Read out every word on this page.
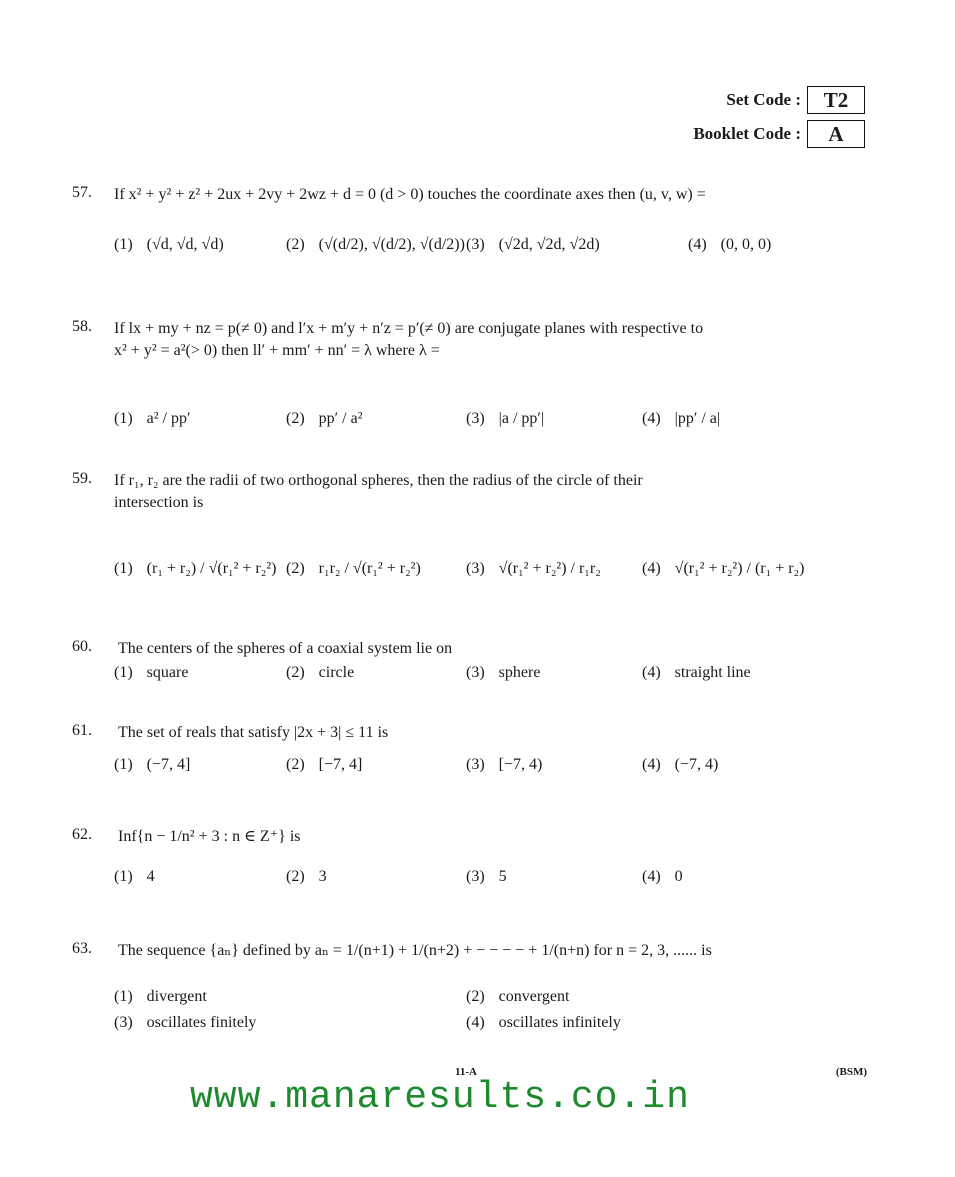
Set Code :	T2
Booklet Code :	A
57. If x² + y² + z² + 2ux + 2vy + 2wz + d = 0 (d > 0) touches the coordinate axes then (u, v, w) =
(1) (√d, √d, √d)	(2) (√(d/2), √(d/2), √(d/2)) (3) (√2d, √2d, √2d)	(4) (0, 0, 0)
58. If lx + my + nz = p(≠ 0) and l′x + m′y + n′z = p′(≠ 0) are conjugate planes with respective to
x² + y² = a²(> 0) then ll′ + mm′ + nn′ = λ where λ =
(1) a² / pp′	(2) pp′ / a²	(3) |a / pp′|	(4) |pp′ / a|
59. If r₁, r₂ are the radii of two orthogonal spheres, then the radius of the circle of their
intersection is
(1) (r₁ + r₂) / √(r₁² + r₂²) (2) r₁r₂ / √(r₁² + r₂²)	(3) √(r₁² + r₂²) / r₁r₂	(4) √(r₁² + r₂²) / (r₁ + r₂)
60. The centers of the spheres of a coaxial system lie on
(1) square	(2) circle	(3) sphere	(4) straight line
61. The set of reals that satisfy |2x + 3| ≤ 11 is
(1) (−7, 4]	(2) [−7, 4]	(3) [−7, 4)	(4) (−7, 4)
62. Inf{n − 1/n² + 3 : n ∈ Z⁺} is
(1) 4	(2) 3	(3) 5	(4) 0
63. The sequence {aₙ} defined by aₙ = 1/(n+1) + 1/(n+2) + − − − − + 1/(n+n) for n = 2, 3, ...... is
(1) divergent	(2) convergent
(3) oscillates finitely	(4) oscillates infinitely
11-A	(BSM)
www.manaresults.co.in
